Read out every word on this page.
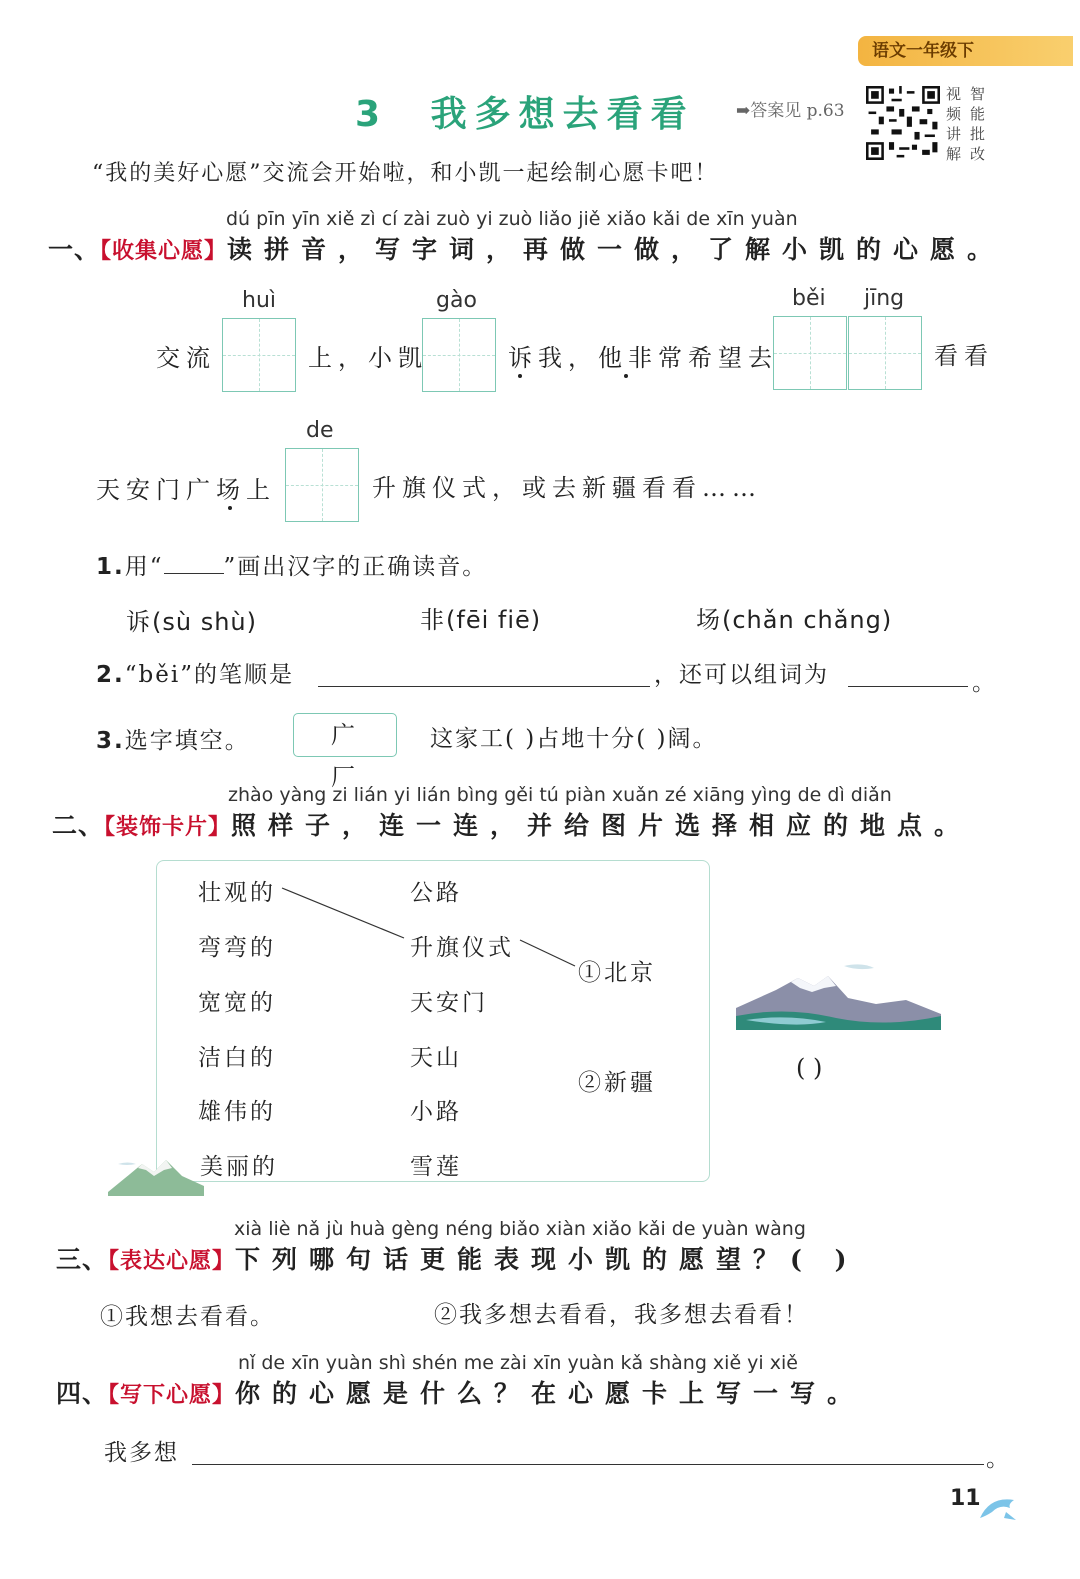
语文一年级下
3 我多想去看看 ➡答案见 p.63
视频讲解
智能批改
“我的美好心愿”交流会开始啦，和小凯一起绘制心愿卡吧！
dú pīn yīn xiě zì cí zài zuò yi zuò liǎo jiě xiǎo kǎi de xīn yuàn
一、【收集心愿】读拼音，写字词，再做一做，了解小凯的心愿。
交流
huì
上，小凯
gào
诉我，他非常希望去
běi jīng
看看
天安门广场上
de
升旗仪式，或去新疆看看……
1.用“	”画出汉字的正确读音。
诉(sù shù)	非(fēi fiē)	场(chǎn chǎng)
2.“běi”的笔顺是	，还可以组词为	。
3.选字填空。	广 厂
这家工( )占地十分( )阔。
zhào yàng zi lián yi lián bìng gěi tú piàn xuǎn zé xiāng yìng de dì diǎn
二、【装饰卡片】照样子，连一连，并给图片选择相应的地点。
壮观的
弯弯的
宽宽的
洁白的
雄伟的
美丽的
公路
升旗仪式
天安门
天山
小路
雪莲
①北京
②新疆
( )
xià liè nǎ jù huà gèng néng biǎo xiàn xiǎo kǎi de yuàn wàng
三、【表达心愿】下列哪句话更能表现小凯的愿望？( )
①我想去看看。	②我多想去看看，我多想去看看！
nǐ de xīn yuàn shì shén me zài xīn yuàn kǎ shàng xiě yi xiě
四、【写下心愿】你的心愿是什么？在心愿卡上写一写。
我多想	。
11
